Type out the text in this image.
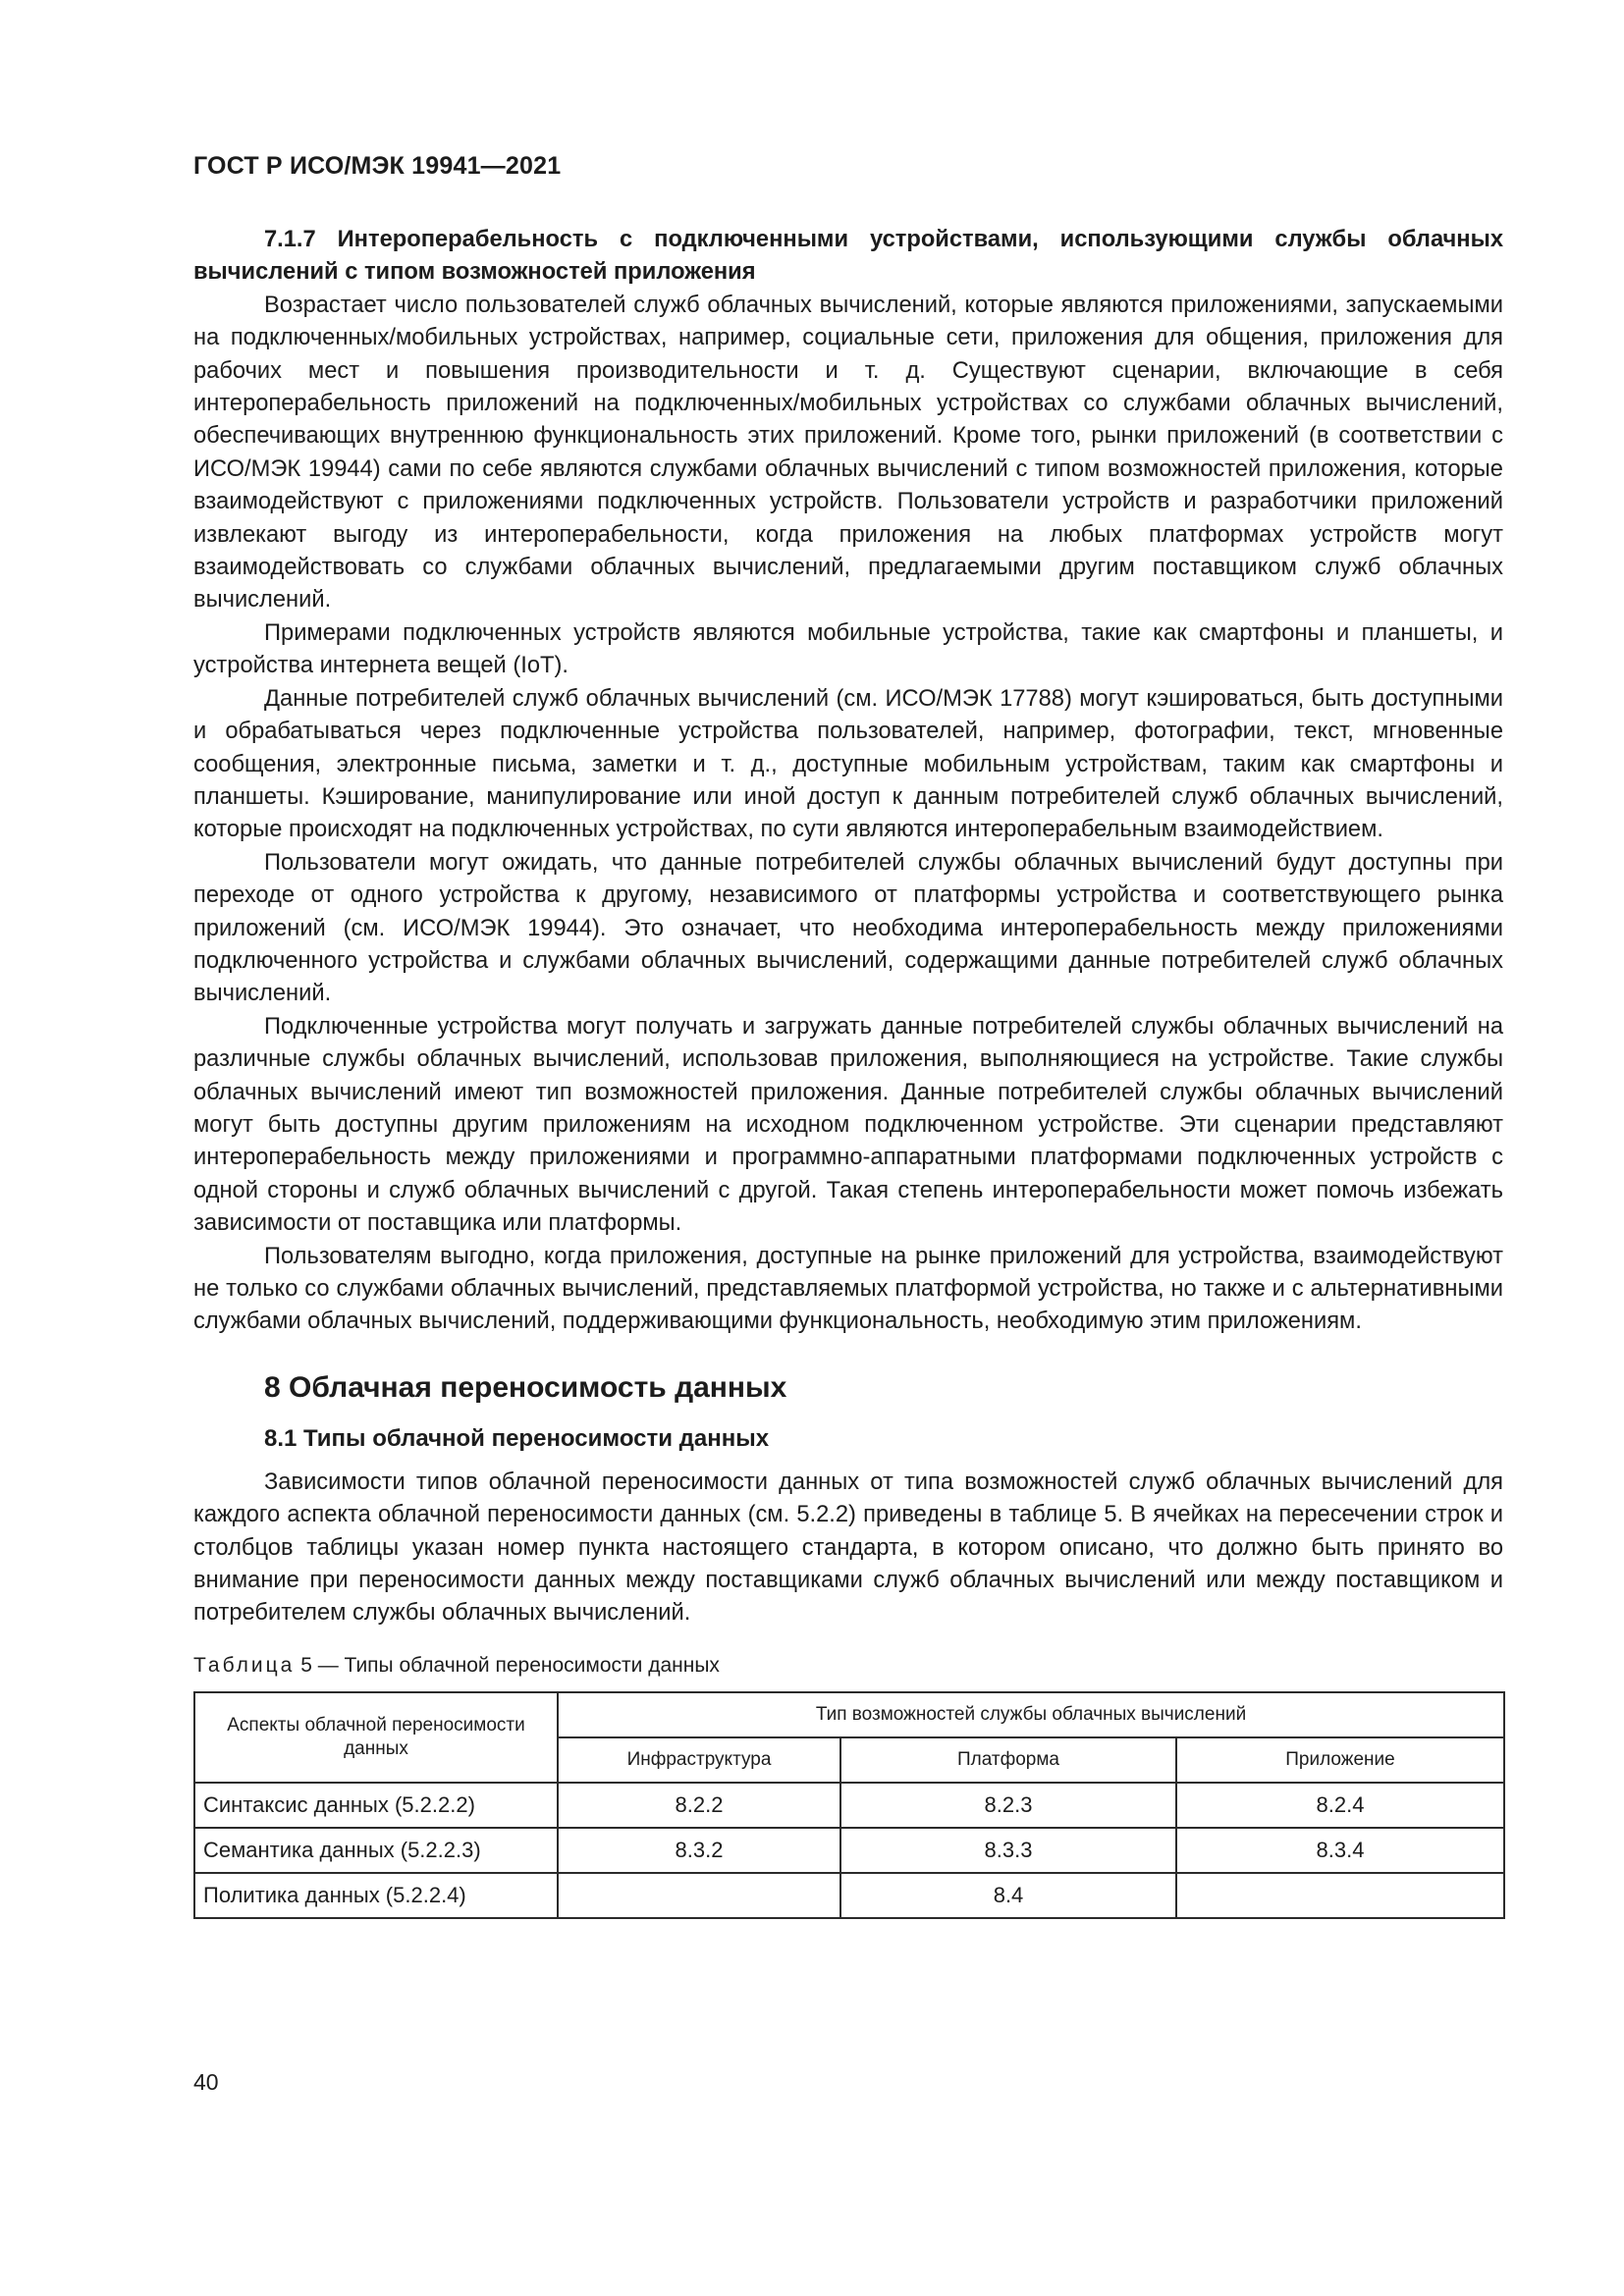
ГОСТ Р ИСО/МЭК 19941—2021
7.1.7 Интероперабельность с подключенными устройствами, использующими службы облачных вычислений с типом возможностей приложения

Возрастает число пользователей служб облачных вычислений, которые являются приложениями, запускаемыми на подключенных/мобильных устройствах, например, социальные сети, приложения для общения, приложения для рабочих мест и повышения производительности и т. д. Существуют сценарии, включающие в себя интероперабельность приложений на подключенных/мобильных устройствах со службами облачных вычислений, обеспечивающих внутреннюю функциональность этих приложений. Кроме того, рынки приложений (в соответствии с ИСО/МЭК 19944) сами по себе являются службами облачных вычислений с типом возможностей приложения, которые взаимодействуют с приложениями подключенных устройств. Пользователи устройств и разработчики приложений извлекают выгоду из интероперабельности, когда приложения на любых платформах устройств могут взаимодействовать со службами облачных вычислений, предлагаемыми другим поставщиком служб облачных вычислений.

Примерами подключенных устройств являются мобильные устройства, такие как смартфоны и планшеты, и устройства интернета вещей (IoT).

Данные потребителей служб облачных вычислений (см. ИСО/МЭК 17788) могут кэшироваться, быть доступными и обрабатываться через подключенные устройства пользователей, например, фотографии, текст, мгновенные сообщения, электронные письма, заметки и т. д., доступные мобильным устройствам, таким как смартфоны и планшеты. Кэширование, манипулирование или иной доступ к данным потребителей служб облачных вычислений, которые происходят на подключенных устройствах, по сути являются интероперабельным взаимодействием.

Пользователи могут ожидать, что данные потребителей службы облачных вычислений будут доступны при переходе от одного устройства к другому, независимого от платформы устройства и соответствующего рынка приложений (см. ИСО/МЭК 19944). Это означает, что необходима интероперабельность между приложениями подключенного устройства и службами облачных вычислений, содержащими данные потребителей служб облачных вычислений.

Подключенные устройства могут получать и загружать данные потребителей службы облачных вычислений на различные службы облачных вычислений, использовав приложения, выполняющиеся на устройстве. Такие службы облачных вычислений имеют тип возможностей приложения. Данные потребителей службы облачных вычислений могут быть доступны другим приложениям на исходном подключенном устройстве. Эти сценарии представляют интероперабельность между приложениями и программно-аппаратными платформами подключенных устройств с одной стороны и служб облачных вычислений с другой. Такая степень интероперабельности может помочь избежать зависимости от поставщика или платформы.

Пользователям выгодно, когда приложения, доступные на рынке приложений для устройства, взаимодействуют не только со службами облачных вычислений, представляемых платформой устройства, но также и с альтернативными службами облачных вычислений, поддерживающими функциональность, необходимую этим приложениям.

8 Облачная переносимость данных
8.1 Типы облачной переносимости данных

Зависимости типов облачной переносимости данных от типа возможностей служб облачных вычислений для каждого аспекта облачной переносимости данных (см. 5.2.2) приведены в таблице 5. В ячейках на пересечении строк и столбцов таблицы указан номер пункта настоящего стандарта, в котором описано, что должно быть принято во внимание при переносимости данных между поставщиками служб облачных вычислений или между поставщиком и потребителем службы облачных вычислений.

Таблица 5 — Типы облачной переносимости данных
Аспекты облачной переносимости данных	Тип возможностей службы облачных вычислений		
	Инфраструктура	Платформа	Приложение
Синтаксис данных (5.2.2.2)	8.2.2	8.2.3	8.2.4
Семантика данных (5.2.2.3)	8.3.2	8.3.3	8.3.4
Политика данных (5.2.2.4)		8.4	
40
